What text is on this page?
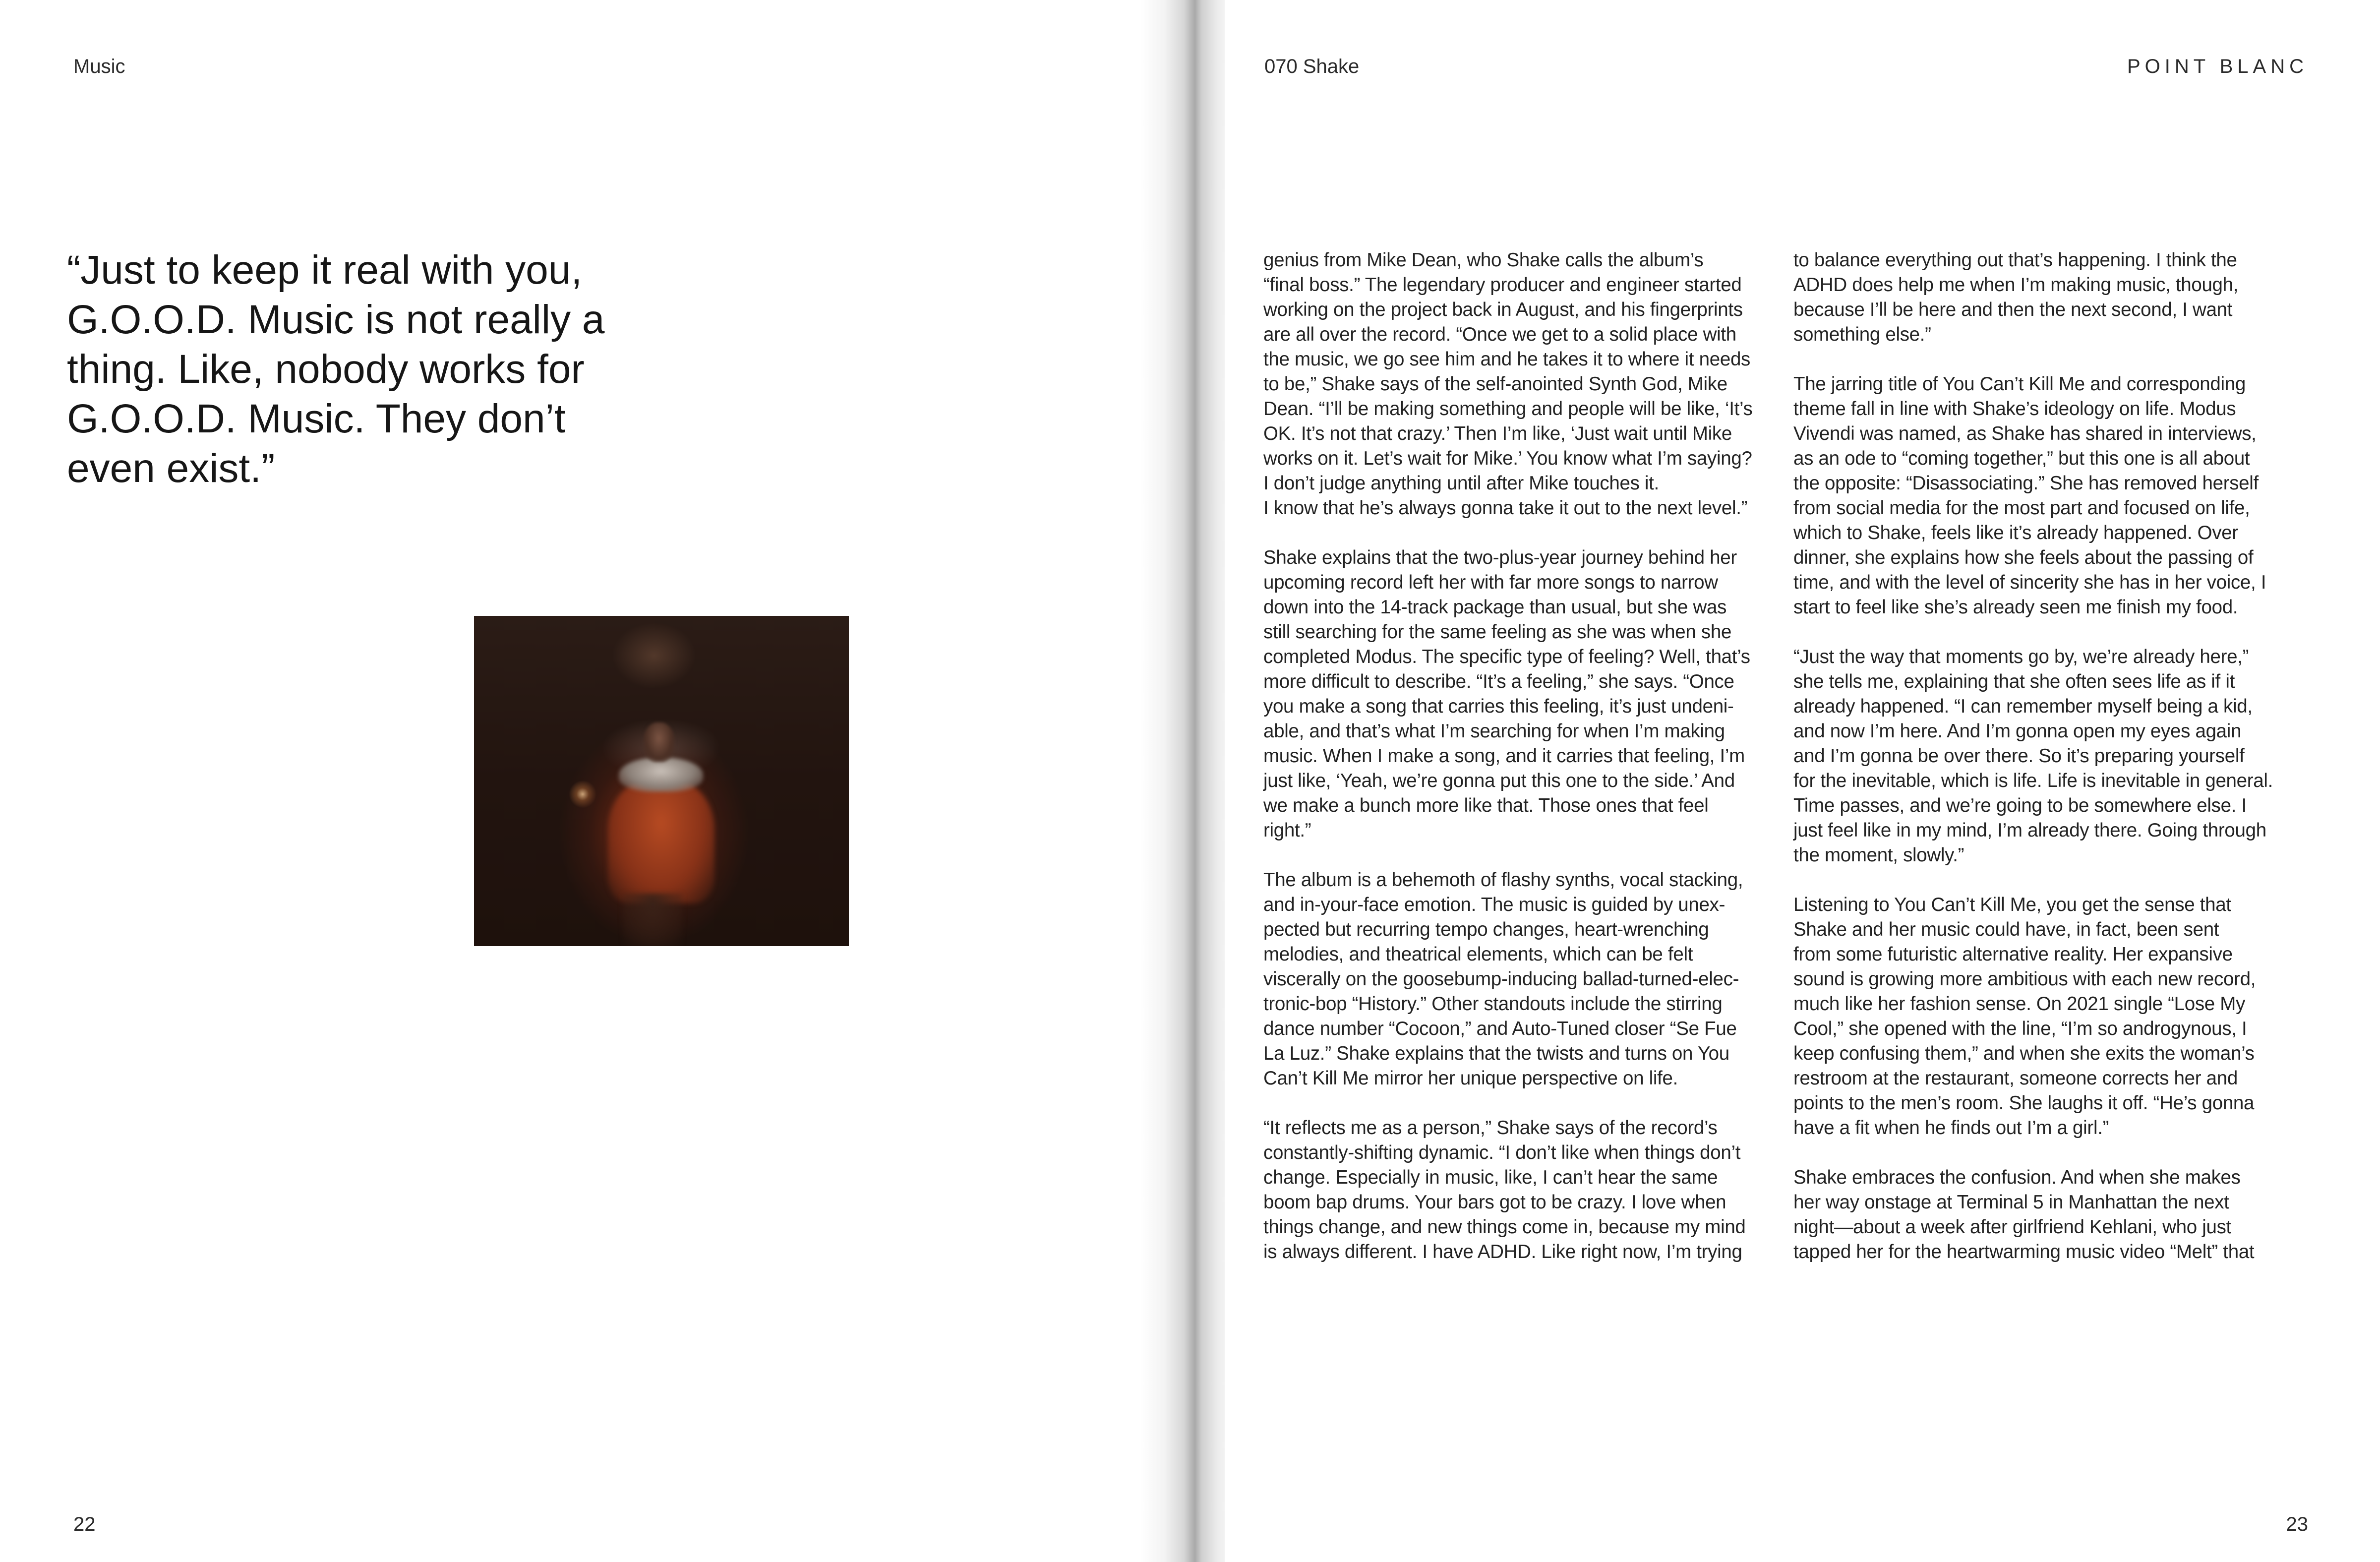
Music

“Just to keep it real with you, G.O.O.D. Music is not really a thing. Like, nobody works for G.O.O.D. Music. They don’t even exist.”

22
070 Shake	POINT BLANC

genius from Mike Dean, who Shake calls the album’s
“final boss.” The legendary producer and engineer started
working on the project back in August, and his fingerprints
are all over the record. “Once we get to a solid place with
the music, we go see him and he takes it to where it needs
to be,” Shake says of the self-anointed Synth God, Mike
Dean. “I’ll be making something and people will be like, ‘It’s
OK. It’s not that crazy.’ Then I’m like, ‘Just wait until Mike
works on it. Let’s wait for Mike.’ You know what I’m saying?
I don’t judge anything until after Mike touches it.
I know that he’s always gonna take it out to the next level.”

Shake explains that the two-plus-year journey behind her
upcoming record left her with far more songs to narrow
down into the 14-track package than usual, but she was
still searching for the same feeling as she was when she
completed Modus. The specific type of feeling? Well, that’s
more difficult to describe. “It’s a feeling,” she says. “Once
you make a song that carries this feeling, it’s just undeni-
able, and that’s what I’m searching for when I’m making
music. When I make a song, and it carries that feeling, I’m
just like, ‘Yeah, we’re gonna put this one to the side.’ And
we make a bunch more like that. Those ones that feel
right.”

The album is a behemoth of flashy synths, vocal stacking,
and in-your-face emotion. The music is guided by unex-
pected but recurring tempo changes, heart-wrenching
melodies, and theatrical elements, which can be felt
viscerally on the goosebump-inducing ballad-turned-elec-
tronic-bop “History.” Other standouts include the stirring
dance number “Cocoon,” and Auto-Tuned closer “Se Fue
La Luz.” Shake explains that the twists and turns on You
Can’t Kill Me mirror her unique perspective on life.

“It reflects me as a person,” Shake says of the record’s
constantly-shifting dynamic. “I don’t like when things don’t
change. Especially in music, like, I can’t hear the same
boom bap drums. Your bars got to be crazy. I love when
things change, and new things come in, because my mind
is always different. I have ADHD. Like right now, I’m trying

to balance everything out that’s happening. I think the
ADHD does help me when I’m making music, though,
because I’ll be here and then the next second, I want
something else.”

The jarring title of You Can’t Kill Me and corresponding
theme fall in line with Shake’s ideology on life. Modus
Vivendi was named, as Shake has shared in interviews,
as an ode to “coming together,” but this one is all about
the opposite: “Disassociating.” She has removed herself
from social media for the most part and focused on life,
which to Shake, feels like it’s already happened. Over
dinner, she explains how she feels about the passing of
time, and with the level of sincerity she has in her voice, I
start to feel like she’s already seen me finish my food.

“Just the way that moments go by, we’re already here,”
she tells me, explaining that she often sees life as if it
already happened. “I can remember myself being a kid,
and now I’m here. And I’m gonna open my eyes again
and I’m gonna be over there. So it’s preparing yourself
for the inevitable, which is life. Life is inevitable in general.
Time passes, and we’re going to be somewhere else. I
just feel like in my mind, I’m already there. Going through
the moment, slowly.”

Listening to You Can’t Kill Me, you get the sense that
Shake and her music could have, in fact, been sent
from some futuristic alternative reality. Her expansive
sound is growing more ambitious with each new record,
much like her fashion sense. On 2021 single “Lose My
Cool,” she opened with the line, “I’m so androgynous, I
keep confusing them,” and when she exits the woman’s
restroom at the restaurant, someone corrects her and
points to the men’s room. She laughs it off. “He’s gonna
have a fit when he finds out I’m a girl.”

Shake embraces the confusion. And when she makes
her way onstage at Terminal 5 in Manhattan the next
night—about a week after girlfriend Kehlani, who just
tapped her for the heartwarming music video “Melt” that

23
